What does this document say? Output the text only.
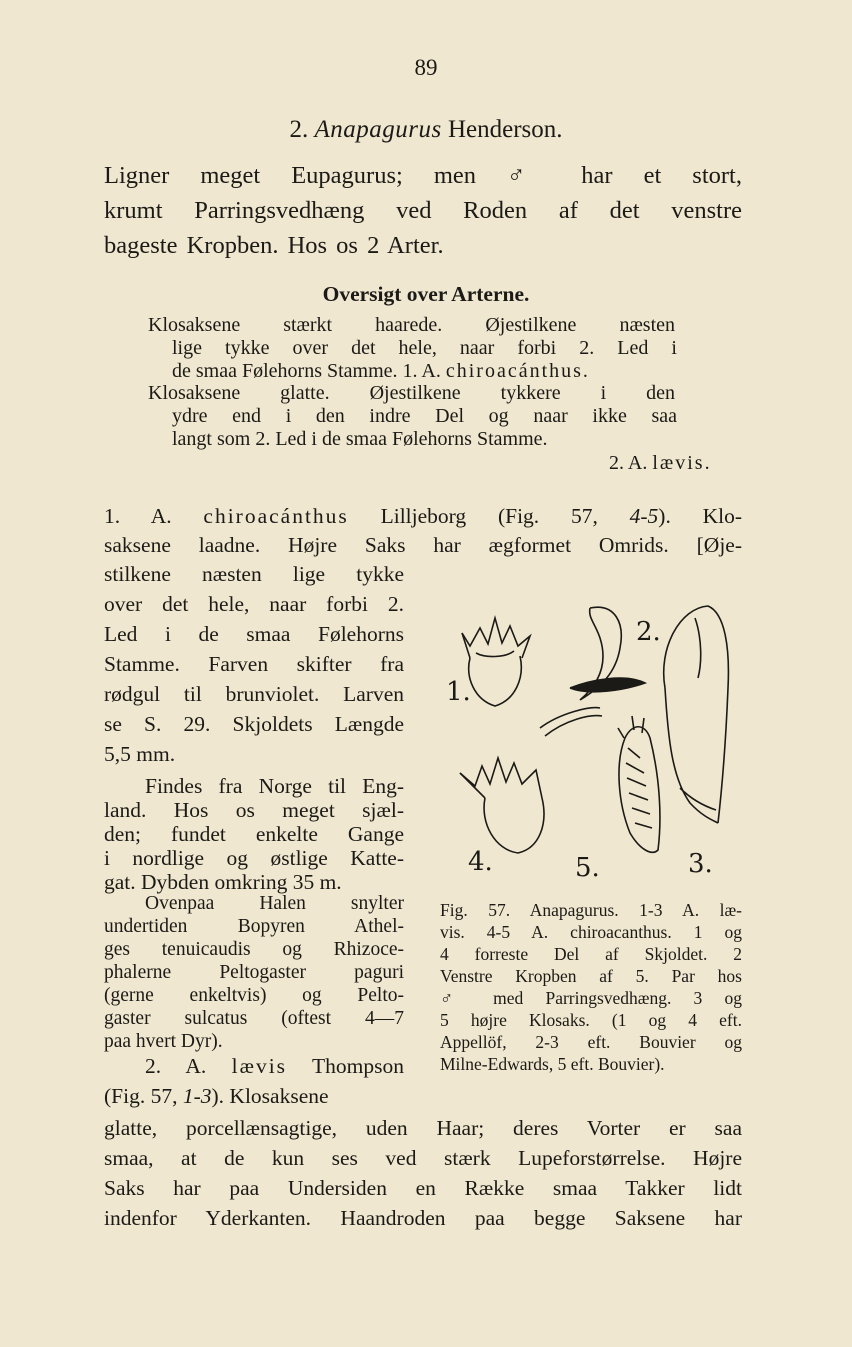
89
2. Anapagurus Henderson.
Ligner meget Eupagurus; men ♂ har et stort,
krumt Parringsvedhæng ved Roden af det venstre
bageste Kropben. Hos os 2 Arter.
Oversigt over Arterne.
Klosaksene stærkt haarede. Øjestilkene næsten
lige tykke over det hele, naar forbi 2. Led i
de smaa Følehorns Stamme. 1. A. chiroacánthus.
Klosaksene glatte. Øjestilkene tykkere i den
ydre end i den indre Del og naar ikke saa
langt som 2. Led i de smaa Følehorns Stamme.
2. A. lævis.
1. A. chiroacánthus Lilljeborg (Fig. 57, 4-5). Klo-
saksene laadne. Højre Saks har ægformet Omrids. [Øje-
stilkene næsten lige tykke
over det hele, naar forbi 2.
Led i de smaa Følehorns
Stamme. Farven skifter fra
rødgul til brunviolet. Larven
se S. 29. Skjoldets Længde
5,5 mm.
Findes fra Norge til Eng-
land. Hos os meget sjæl-
den; fundet enkelte Gange
i nordlige og østlige Katte-
gat. Dybden omkring 35 m.
Ovenpaa Halen snylter
undertiden Bopyren Athel-
ges tenuicaudis og Rhizoce-
phalerne Peltogaster paguri
(gerne enkeltvis) og Pelto-
gaster sulcatus (oftest 4—7
paa hvert Dyr).
2. A. lævis Thompson
(Fig. 57, 1-3). Klosaksene
glatte, porcellænsagtige, uden Haar; deres Vorter er saa
smaa, at de kun ses ved stærk Lupeforstørrelse. Højre
Saks har paa Undersiden en Række smaa Takker lidt
indenfor Yderkanten. Haandroden paa begge Saksene har
1.
2.
3.
4.	5.
Fig. 57. Anapagurus. 1-3 A. læ-
vis. 4-5 A. chiroacanthus. 1 og
4 forreste Del af Skjoldet. 2
Venstre Kropben af 5. Par hos
♂ med Parringsvedhæng. 3 og
5 højre Klosaks. (1 og 4 eft.
Appellöf, 2-3 eft. Bouvier og
Milne-Edwards, 5 eft. Bouvier).
